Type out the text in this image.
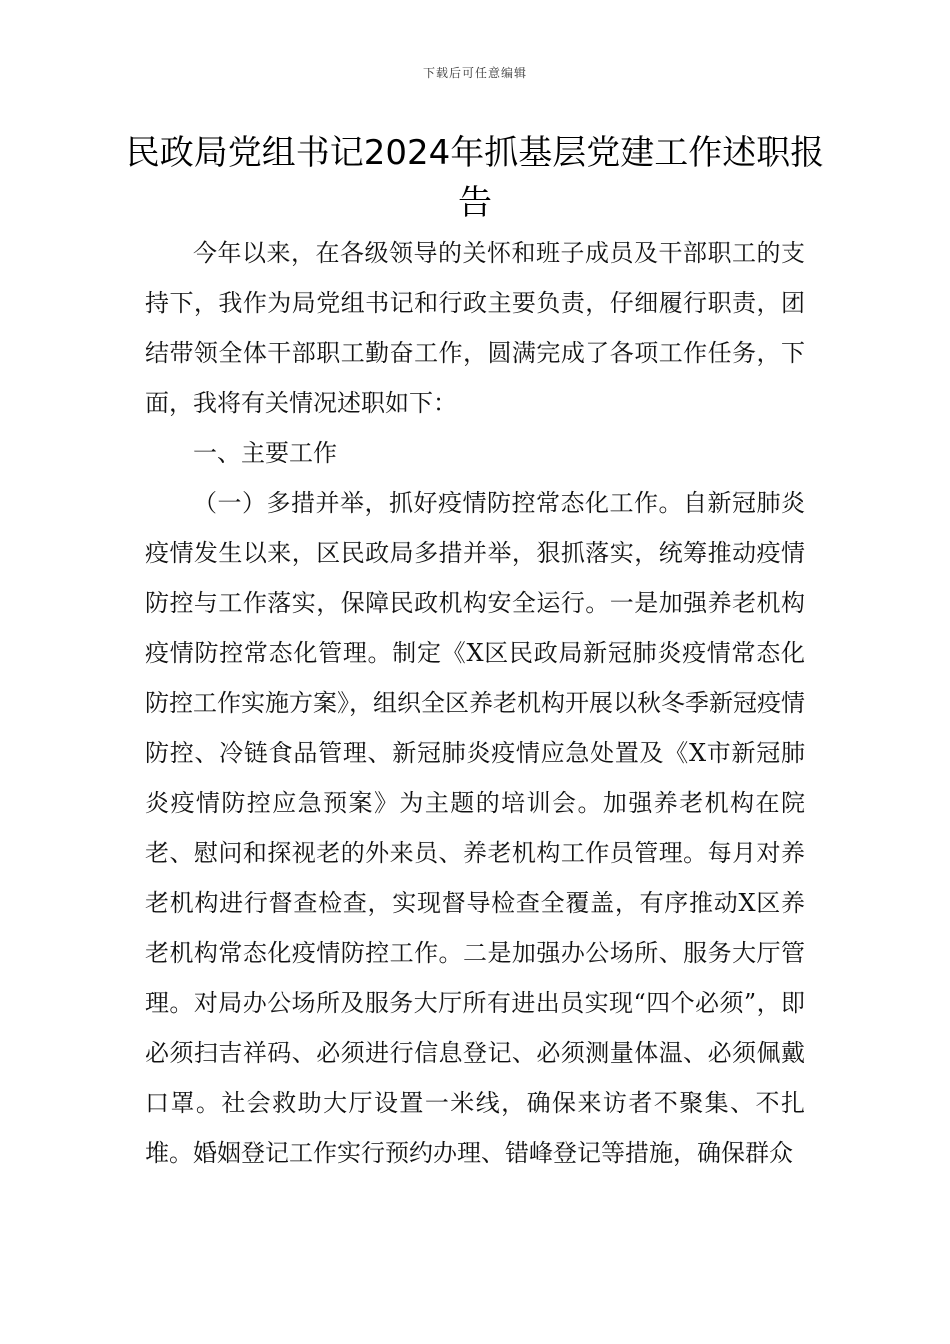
下载后可任意编辑
民政局党组书记2024年抓基层党建工作述职报告

今年以来，在各级领导的关怀和班子成员及干部职工的支持下，我作为局党组书记和行政主要负责，仔细履行职责，团结带领全体干部职工勤奋工作，圆满完成了各项工作任务，下面，我将有关情况述职如下：

一、主要工作

（一）多措并举，抓好疫情防控常态化工作。自新冠肺炎疫情发生以来，区民政局多措并举，狠抓落实，统筹推动疫情防控与工作落实，保障民政机构安全运行。一是加强养老机构疫情防控常态化管理。制定《X区民政局新冠肺炎疫情常态化防控工作实施方案》，组织全区养老机构开展以秋冬季新冠疫情防控、冷链食品管理、新冠肺炎疫情应急处置及《X市新冠肺炎疫情防控应急预案》为主题的培训会。加强养老机构在院老、慰问和探视老的外来员、养老机构工作员管理。每月对养老机构进行督查检查，实现督导检查全覆盖，有序推动X区养老机构常态化疫情防控工作。二是加强办公场所、服务大厅管理。对局办公场所及服务大厅所有进出员实现“四个必须”，即必须扫吉祥码、必须进行信息登记、必须测量体温、必须佩戴口罩。社会救助大厅设置一米线，确保来访者不聚集、不扎堆。婚姻登记工作实行预约办理、错峰登记等措施，确保群众
